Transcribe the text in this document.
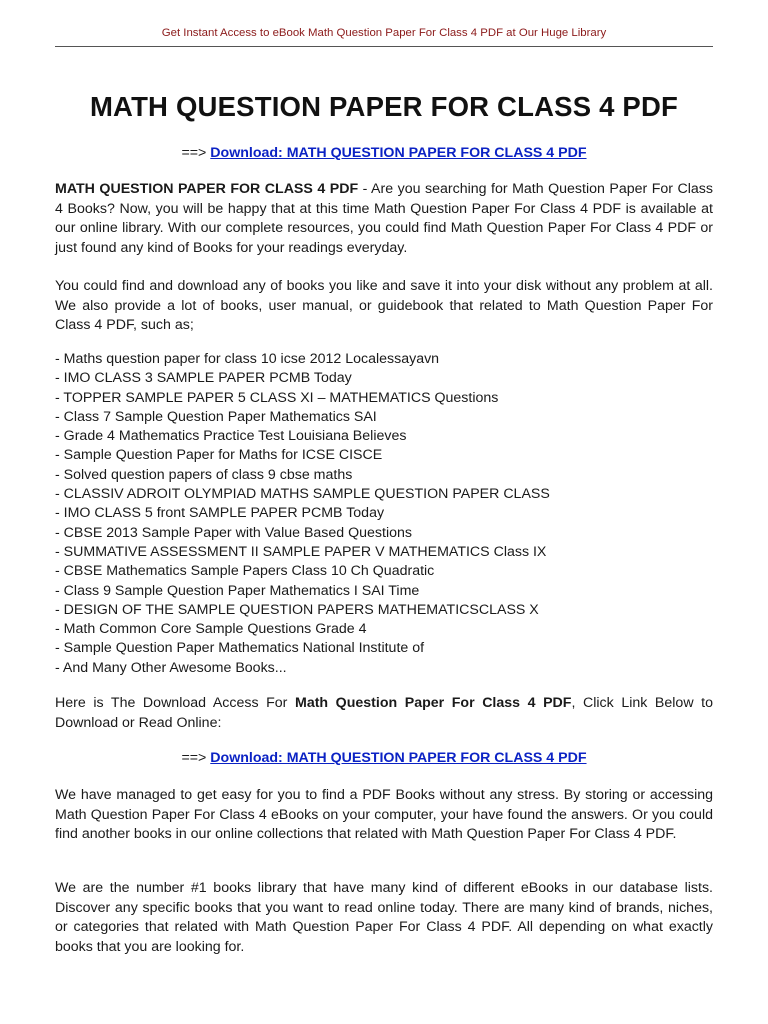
Get Instant Access to eBook Math Question Paper For Class 4 PDF at Our Huge Library
MATH QUESTION PAPER FOR CLASS 4 PDF
==> Download: MATH QUESTION PAPER FOR CLASS 4 PDF

MATH QUESTION PAPER FOR CLASS 4 PDF - Are you searching for Math Question Paper For Class 4 Books? Now, you will be happy that at this time Math Question Paper For Class 4 PDF is available at our online library. With our complete resources, you could find Math Question Paper For Class 4 PDF or just found any kind of Books for your readings everyday.

You could find and download any of books you like and save it into your disk without any problem at all. We also provide a lot of books, user manual, or guidebook that related to Math Question Paper For Class 4 PDF, such as;

- Maths question paper for class 10 icse 2012 Localessayavn
- IMO CLASS 3 SAMPLE PAPER PCMB Today
- TOPPER SAMPLE PAPER 5 CLASS XI – MATHEMATICS Questions
- Class 7 Sample Question Paper Mathematics SAI
- Grade 4 Mathematics Practice Test Louisiana Believes
- Sample Question Paper for Maths for ICSE CISCE
- Solved question papers of class 9 cbse maths
- CLASSIV ADROIT OLYMPIAD MATHS SAMPLE QUESTION PAPER CLASS
- IMO CLASS 5 front SAMPLE PAPER PCMB Today
- CBSE 2013 Sample Paper with Value Based Questions
- SUMMATIVE ASSESSMENT II SAMPLE PAPER V MATHEMATICS Class IX
- CBSE Mathematics Sample Papers Class 10 Ch Quadratic
- Class 9 Sample Question Paper Mathematics I SAI Time
- DESIGN OF THE SAMPLE QUESTION PAPERS MATHEMATICSCLASS X
- Math Common Core Sample Questions Grade 4
- Sample Question Paper Mathematics National Institute of
- And Many Other Awesome Books...

Here is The Download Access For Math Question Paper For Class 4 PDF, Click Link Below to Download or Read Online:

==> Download: MATH QUESTION PAPER FOR CLASS 4 PDF

We have managed to get easy for you to find a PDF Books without any stress. By storing or accessing Math Question Paper For Class 4 eBooks on your computer, your have found the answers. Or you could find another books in our online collections that related with Math Question Paper For Class 4 PDF.

We are the number #1 books library that have many kind of different eBooks in our database lists. Discover any specific books that you want to read online today. There are many kind of brands, niches, or categories that related with Math Question Paper For Class 4 PDF. All depending on what exactly books that you are looking for.
